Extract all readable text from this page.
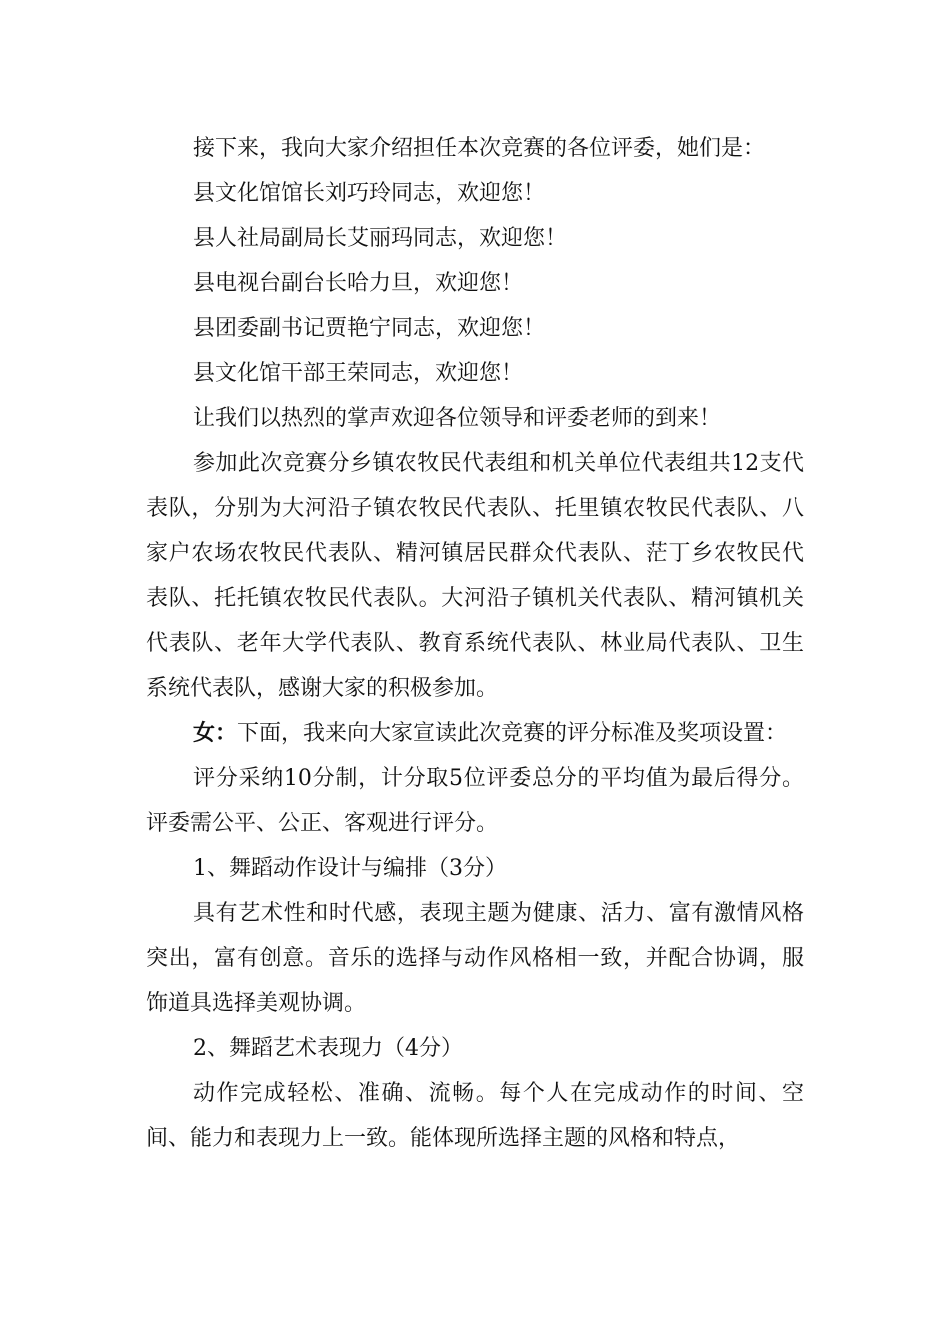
接下来，我向大家介绍担任本次竞赛的各位评委，她们是：

县文化馆馆长刘巧玲同志，欢迎您！

县人社局副局长艾丽玛同志，欢迎您！

县电视台副台长哈力旦，欢迎您！

县团委副书记贾艳宁同志，欢迎您！

县文化馆干部王荣同志，欢迎您！

让我们以热烈的掌声欢迎各位领导和评委老师的到来！

参加此次竞赛分乡镇农牧民代表组和机关单位代表组共12支代表队，分别为大河沿子镇农牧民代表队、托里镇农牧民代表队、八家户农场农牧民代表队、精河镇居民群众代表队、茫丁乡农牧民代表队、托托镇农牧民代表队。大河沿子镇机关代表队、精河镇机关代表队、老年大学代表队、教育系统代表队、林业局代表队、卫生系统代表队，感谢大家的积极参加。

女：下面，我来向大家宣读此次竞赛的评分标准及奖项设置：

评分采纳10分制，计分取5位评委总分的平均值为最后得分。评委需公平、公正、客观进行评分。

1、舞蹈动作设计与编排（3分）

具有艺术性和时代感，表现主题为健康、活力、富有激情风格突出，富有创意。音乐的选择与动作风格相一致，并配合协调，服饰道具选择美观协调。

2、舞蹈艺术表现力（4分）

动作完成轻松、准确、流畅。每个人在完成动作的时间、空间、能力和表现力上一致。能体现所选择主题的风格和特点，
